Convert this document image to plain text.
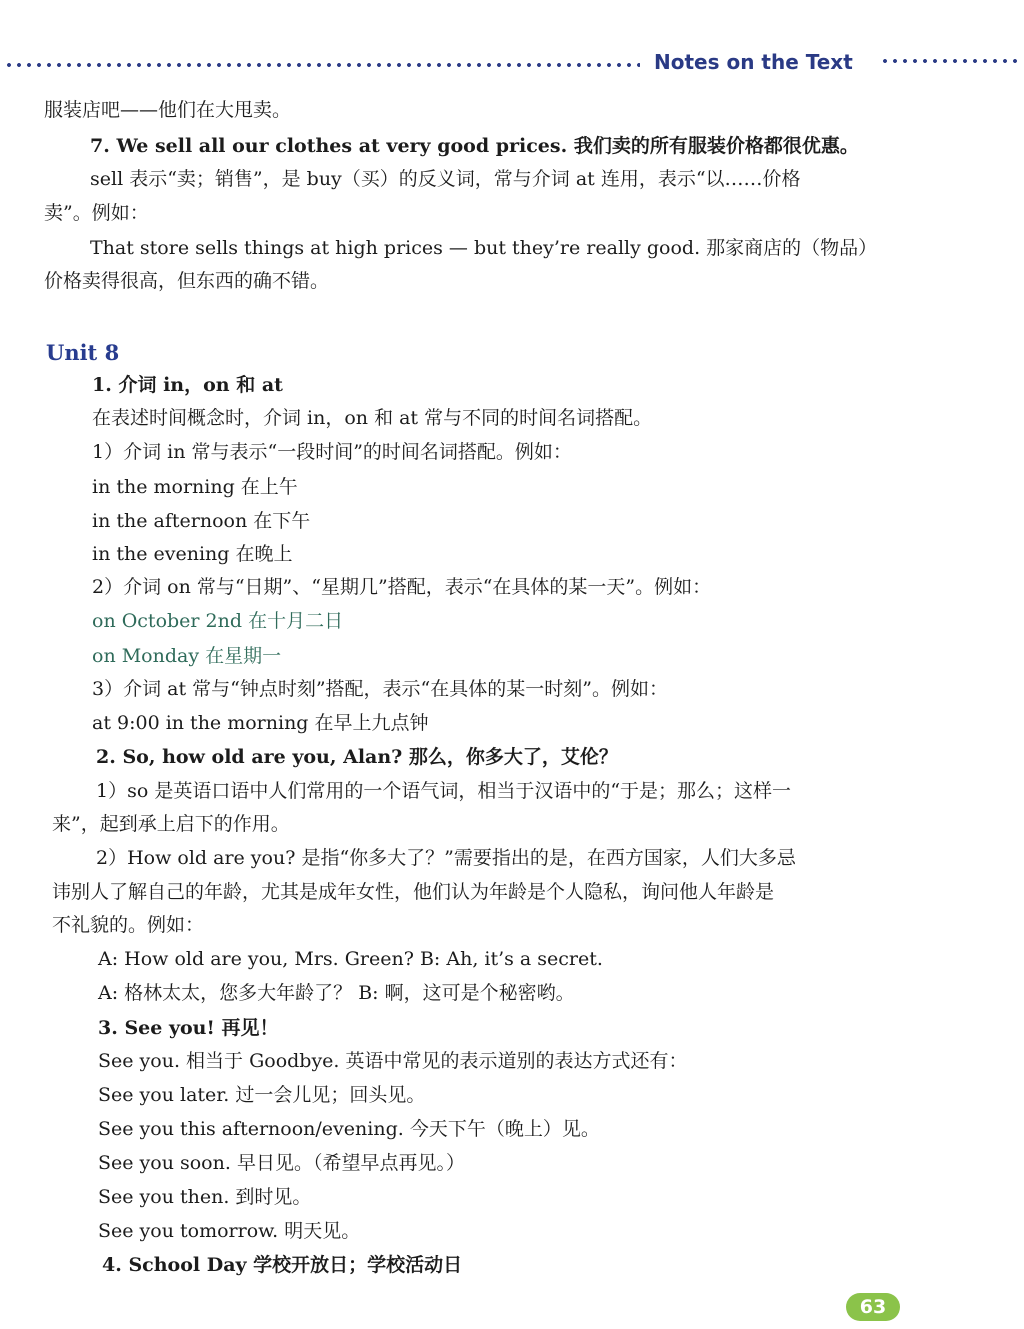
Notes on the Text
服装店吧——他们在大甩卖。
7. We sell all our clothes at very good prices. 我们卖的所有服装价格都很优惠。
sell 表示“卖；销售”，是 buy（买）的反义词，常与介词 at 连用，表示“以……价格
卖”。例如：
That store sells things at high prices — but they’re really good. 那家商店的（物品）
价格卖得很高，但东西的确不错。
Unit 8
1. 介词 in，on 和 at
在表述时间概念时，介词 in，on 和 at 常与不同的时间名词搭配。
1）介词 in 常与表示“一段时间”的时间名词搭配。例如：
in the morning 在上午
in the afternoon 在下午
in the evening 在晚上
2）介词 on 常与“日期”、“星期几”搭配，表示“在具体的某一天”。例如：
on October 2nd 在十月二日
on Monday 在星期一
3）介词 at 常与“钟点时刻”搭配，表示“在具体的某一时刻”。例如：
at 9:00 in the morning 在早上九点钟
2. So, how old are you, Alan? 那么，你多大了，艾伦？
1）so 是英语口语中人们常用的一个语气词，相当于汉语中的“于是；那么；这样一
来”，起到承上启下的作用。
2）How old are you? 是指“你多大了？”需要指出的是，在西方国家，人们大多忌
讳别人了解自己的年龄，尤其是成年女性，他们认为年龄是个人隐私，询问他人年龄是
不礼貌的。例如：
A: How old are you, Mrs. Green? B: Ah, it’s a secret.
A: 格林太太，您多大年龄了？ B: 啊，这可是个秘密哟。
3. See you! 再见！
See you. 相当于 Goodbye. 英语中常见的表示道别的表达方式还有：
See you later. 过一会儿见；回头见。
See you this afternoon/evening. 今天下午（晚上）见。
See you soon. 早日见。（希望早点再见。）
See you then. 到时见。
See you tomorrow. 明天见。
4. School Day 学校开放日；学校活动日
63
